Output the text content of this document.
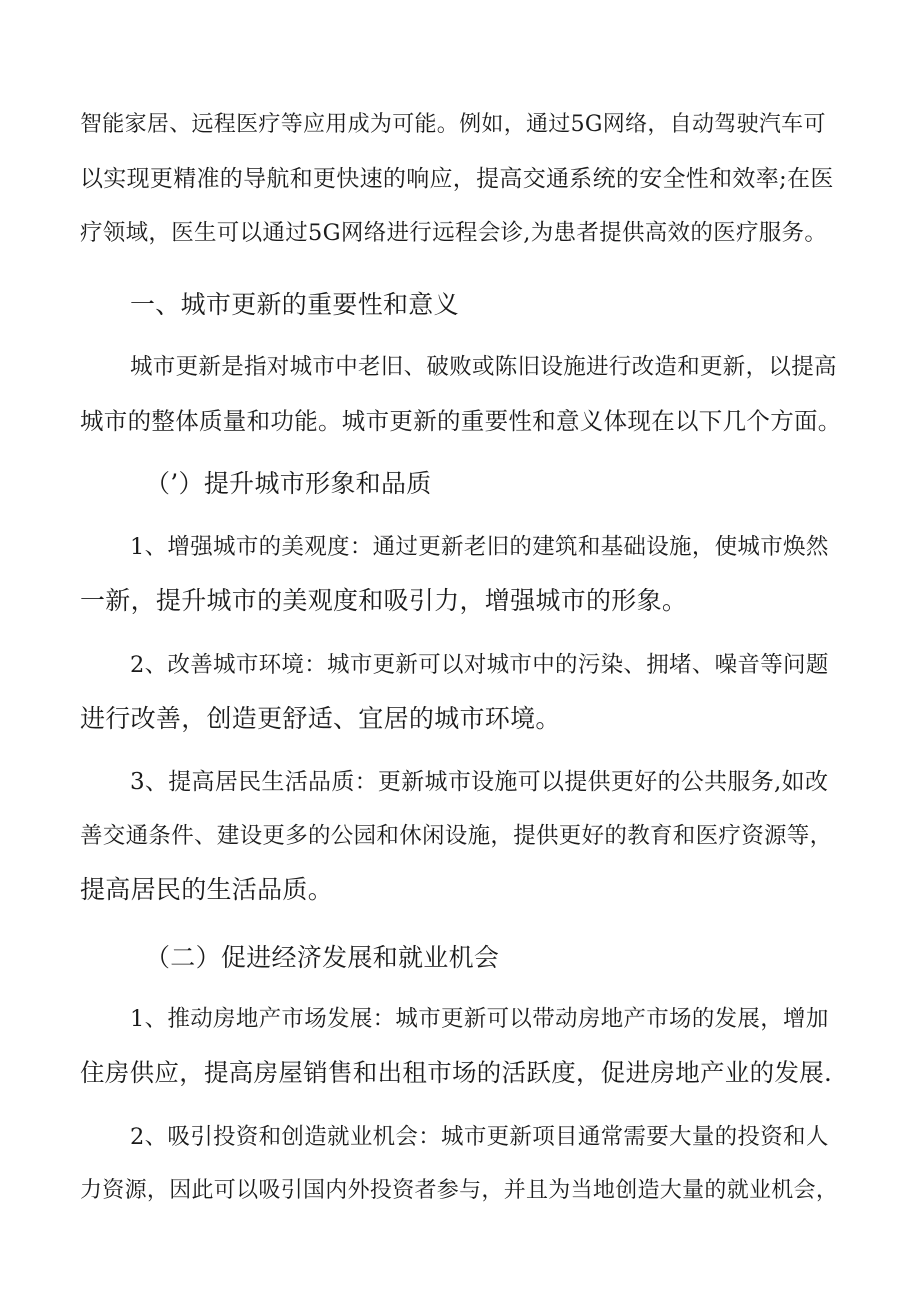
智能家居、远程医疗等应用成为可能。例如，通过5G网络，自动驾驶汽车可
以实现更精准的导航和更快速的响应，提高交通系统的安全性和效率;在医
疗领域，医生可以通过5G网络进行远程会诊,为患者提供高效的医疗服务。
一、城市更新的重要性和意义
城市更新是指对城市中老旧、破败或陈旧设施进行改造和更新，以提高
城市的整体质量和功能。城市更新的重要性和意义体现在以下几个方面。
（’）提升城市形象和品质
1、增强城市的美观度：通过更新老旧的建筑和基础设施，使城市焕然
一新，提升城市的美观度和吸引力，增强城市的形象。
2、改善城市环境：城市更新可以对城市中的污染、拥堵、噪音等问题
进行改善，创造更舒适、宜居的城市环境。
3、提高居民生活品质：更新城市设施可以提供更好的公共服务,如改
善交通条件、建设更多的公园和休闲设施，提供更好的教育和医疗资源等，
提高居民的生活品质。
（二）促进经济发展和就业机会
1、推动房地产市场发展：城市更新可以带动房地产市场的发展，增加
住房供应，提高房屋销售和出租市场的活跃度，促进房地产业的发展.
2、吸引投资和创造就业机会：城市更新项目通常需要大量的投资和人
力资源，因此可以吸引国内外投资者参与，并且为当地创造大量的就业机会，
